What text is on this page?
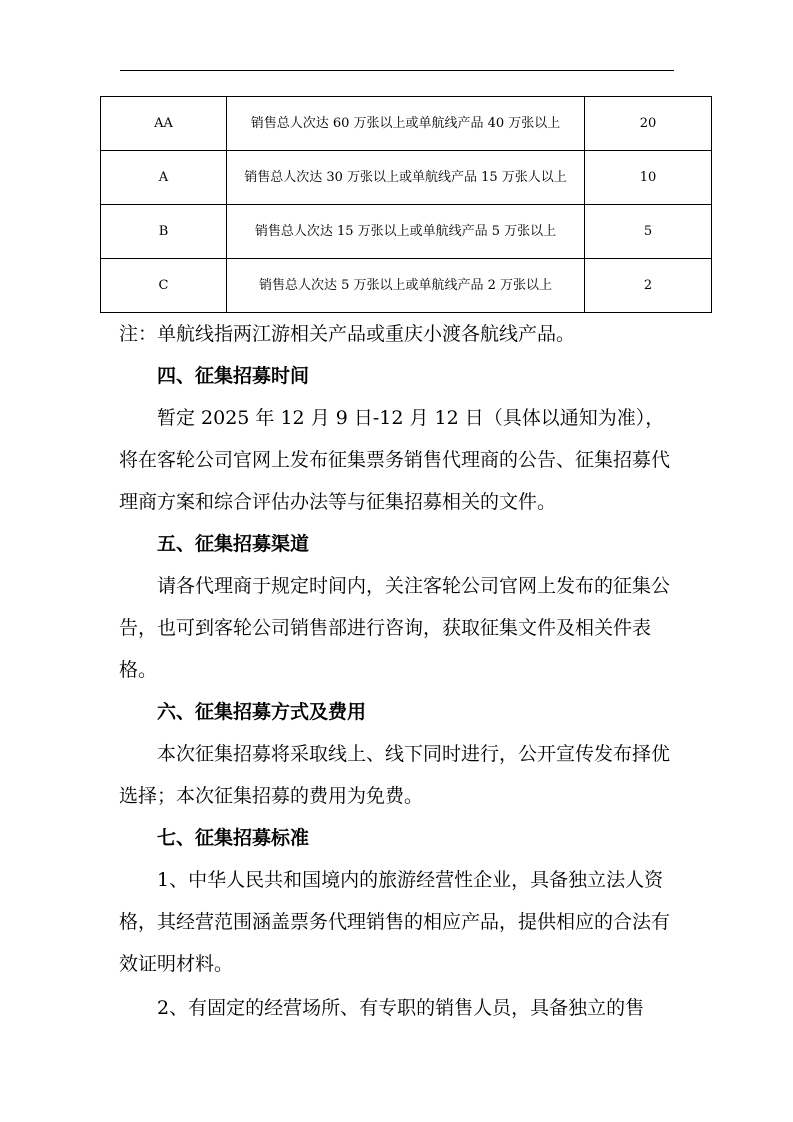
AA	销售总人次达 60 万张以上或单航线产品 40 万张以上	20
A	销售总人次达 30 万张以上或单航线产品 15 万张人以上	10
B	销售总人次达 15 万张以上或单航线产品 5 万张以上	5
C	销售总人次达 5 万张以上或单航线产品 2 万张以上	2

注：单航线指两江游相关产品或重庆小渡各航线产品。

四、征集招募时间

暂定 2025 年 12 月 9 日-12 月 12 日（具体以通知为准），将在客轮公司官网上发布征集票务销售代理商的公告、征集招募代理商方案和综合评估办法等与征集招募相关的文件。

五、征集招募渠道

请各代理商于规定时间内，关注客轮公司官网上发布的征集公告，也可到客轮公司销售部进行咨询，获取征集文件及相关件表格。

六、征集招募方式及费用

本次征集招募将采取线上、线下同时进行，公开宣传发布择优选择；本次征集招募的费用为免费。

七、征集招募标准

1、中华人民共和国境内的旅游经营性企业，具备独立法人资格，其经营范围涵盖票务代理销售的相应产品，提供相应的合法有效证明材料。

2、有固定的经营场所、有专职的销售人员，具备独立的售
